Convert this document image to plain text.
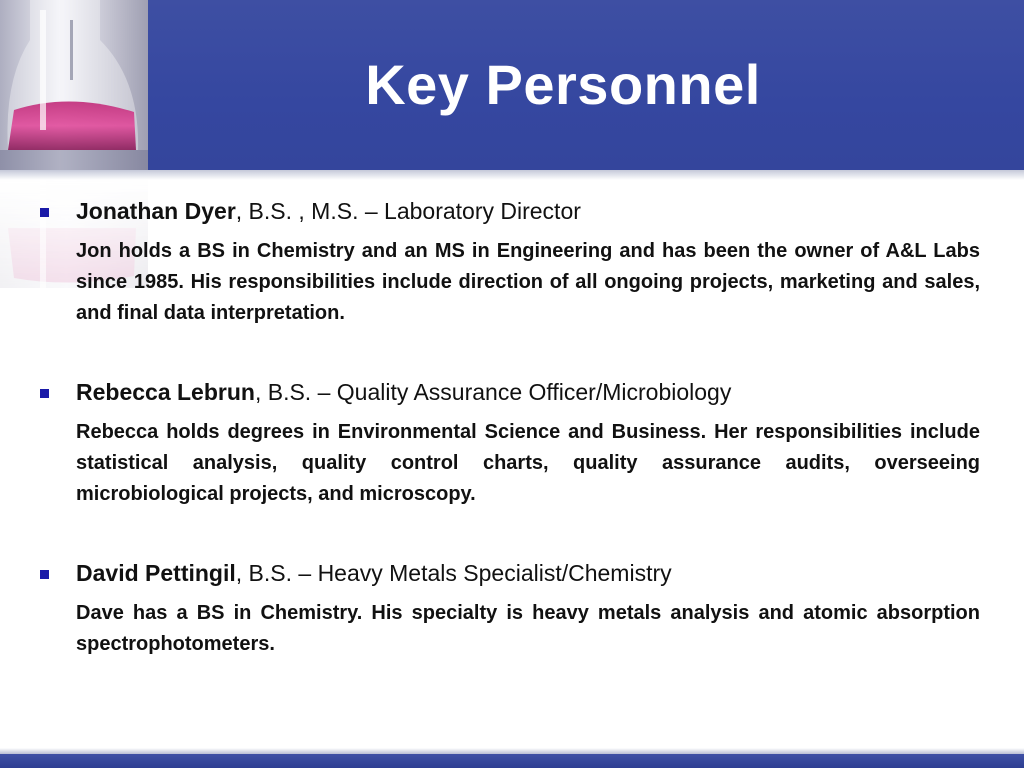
Key Personnel
Jonathan Dyer, B.S. , M.S. – Laboratory Director

Jon holds a BS in Chemistry and an MS in Engineering and has been the owner of A&L Labs since 1985. His responsibilities include direction of all ongoing projects, marketing and sales, and final data interpretation.

Rebecca Lebrun, B.S. – Quality Assurance Officer/Microbiology

Rebecca holds degrees in Environmental Science and Business. Her responsibilities include statistical analysis, quality control charts, quality assurance audits, overseeing microbiological projects, and microscopy.

David Pettingil, B.S. – Heavy Metals Specialist/Chemistry

Dave has a BS in Chemistry. His specialty is heavy metals analysis and atomic absorption spectrophotometers.
